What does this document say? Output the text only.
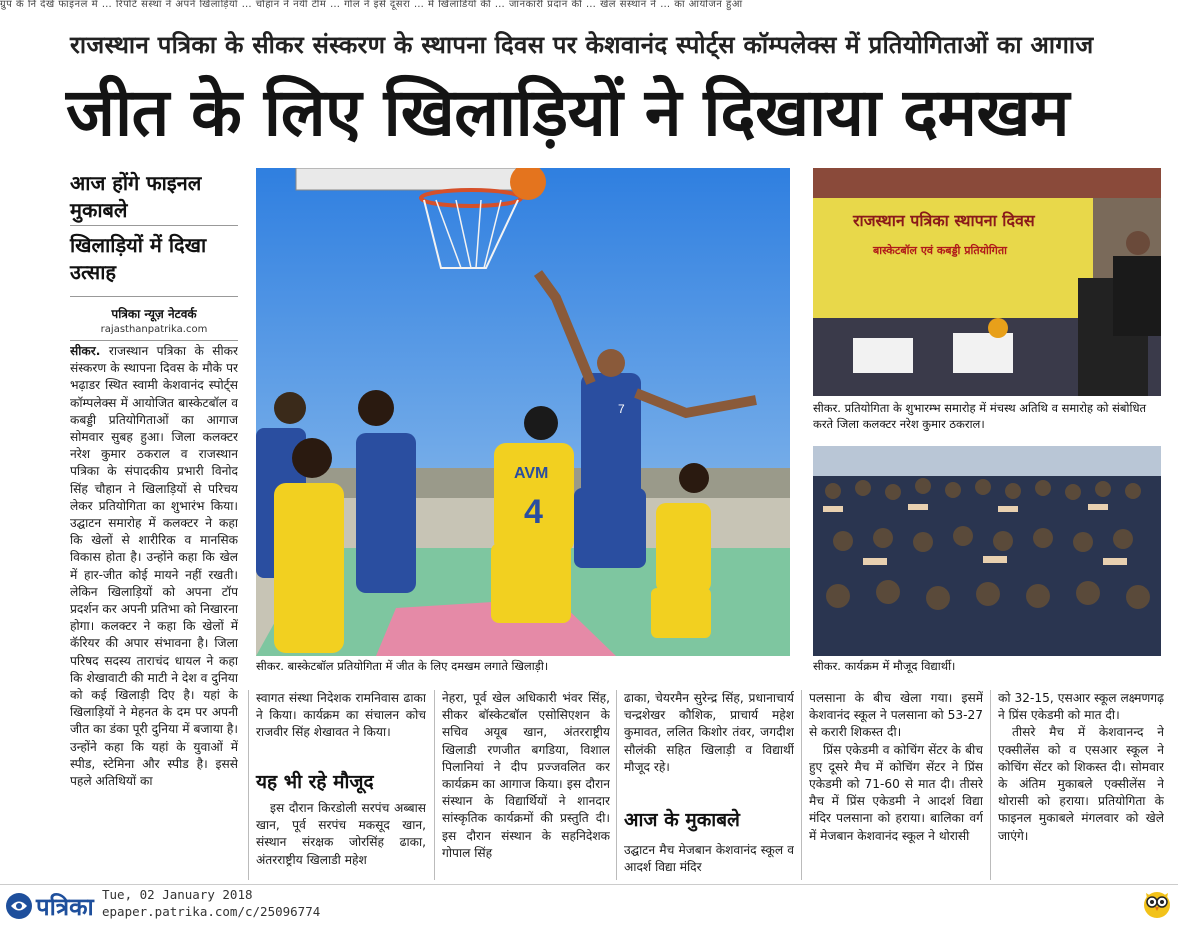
ग्रुप के नि देखे फाइनल में … रिपोर्ट संस्था ने अपने खिलाड़ियों … चौहान ने नयी टीम … गोल ने इसे दूसरा … में खिलाडियो की … जानकारी प्रदान की … खेल संस्थान ने … का आयोजन हुआ
राजस्थान पत्रिका के सीकर संस्करण के स्थापना दिवस पर केशवानंद स्पोर्ट्स कॉम्पलेक्स में प्रतियोगिताओं का आगाज
जीत के लिए खिलाड़ियों ने दिखाया दमखम
आज होंगे फाइनल मुकाबले
खिलाड़ियों में दिखा उत्साह
पत्रिका न्यूज़ नेटवर्क
rajasthanpatrika.com

सीकर. राजस्थान पत्रिका के सीकर संस्करण के स्थापना दिवस के मौके पर भढ़ाडर स्थित स्वामी केशवानंद स्पोर्ट्स कॉम्पलेक्स में आयोजित बास्केटबॉल व कबड्डी प्रतियोगिताओं का आगाज सोमवार सुबह हुआ। जिला कलक्टर नरेश कुमार ठकराल व राजस्थान पत्रिका के संपादकीय प्रभारी विनोद सिंह चौहान ने खिलाड़ियों से परिचय लेकर प्रतियोगिता का शुभारंभ किया। उद्घाटन समारोह में कलक्टर ने कहा कि खेलों से शारीरिक व मानसिक विकास होता है। उन्होंने कहा कि खेल में हार-जीत कोई मायने नहीं रखती। लेकिन खिलाड़ियों को अपना टॉप प्रदर्शन कर अपनी प्रतिभा को निखारना होगा। कलक्टर ने कहा कि खेलों में कॅरियर की अपार संभावना है। जिला परिषद सदस्य ताराचंद धायल ने कहा कि शेखावाटी की माटी ने देश व दुनिया को कई खिलाड़ी दिए है। यहां के खिलाड़ियों ने मेहनत के दम पर अपनी जीत का डंका पूरी दुनिया में बजाया है। उन्होंने कहा कि यहां के युवाओं में स्पीड, स्टेमिना और स्पीड है। इससे पहले अतिथियों का

7
AVM
4
सीकर. बास्केटबॉल प्रतियोगिता में जीत के लिए दमखम लगाते खिलाड़ी।
राजस्थान पत्रिका स्थापना दिवस
बास्केटबॉल एवं कबड्डी प्रतियोगिता
सीकर. प्रतियोगिता के शुभारम्भ समारोह में मंचस्थ अतिथि व समारोह को संबोधित करते जिला कलक्टर नरेश कुमार ठकराल।
सीकर. कार्यक्रम में मौजूद विद्यार्थी।

स्वागत संस्था निदेशक रामनिवास ढाका ने किया। कार्यक्रम का संचालन कोच राजवीर सिंह शेखावत ने किया।

यह भी रहे मौजूद

इस दौरान किरडोली सरपंच अब्बास खान, पूर्व सरपंच मकसूद खान, संस्थान संरक्षक जोरसिंह ढाका, अंतरराष्ट्रीय खिलाडी महेश

नेहरा, पूर्व खेल अधिकारी भंवर सिंह, सीकर बॉस्केटबॉल एसोसिएशन के सचिव अयूब खान, अंतरराष्ट्रीय खिलाडी रणजीत बगडिया, विशाल पिलानियां ने दीप प्रज्जवलित कर कार्यक्रम का आगाज किया। इस दौरान संस्थान के विद्यार्थियों ने शानदार सांस्कृतिक कार्यक्रमों की प्रस्तुति दी। इस दौरान संस्थान के सहनिदेशक गोपाल सिंह

ढाका, चेयरमैन सुरेन्द्र सिंह, प्रधानाचार्य चन्द्रशेखर कौशिक, प्राचार्य महेश कुमावत, ललित किशोर तंवर, जगदीश सौलंकी सहित खिलाड़ी व विद्यार्थी मौजूद रहे।

आज के मुकाबले

उद्घाटन मैच मेजबान केशवानंद स्कूल व आदर्श विद्या मंदिर

पलसाना के बीच खेला गया। इसमें केशवानंद स्कूल ने पलसाना को 53-27 से करारी शिकस्त दी।

प्रिंस एकेडमी व कोचिंग सेंटर के बीच हुए दूसरे मैच में कोचिंग सेंटर ने प्रिंस एकेडमी को 71-60 से मात दी। तीसरे मैच में प्रिंस एकेडमी ने आदर्श विद्या मंदिर पलसाना को हराया। बालिका वर्ग में मेजबान केशवानंद स्कूल ने थोरासी

को 32-15, एसआर स्कूल लक्ष्मणगढ़ ने प्रिंस एकेडमी को मात दी।

तीसरे मैच में केशवानन्द ने एक्सीलेंस को व एसआर स्कूल ने कोचिंग सेंटर को शिकस्त दी। सोमवार के अंतिम मुकाबले एक्सीलेंस ने थोरासी को हराया। प्रतियोगिता के फाइनल मुकाबले मंगलवार को खेले जाएंगे।

पत्रिका Tue, 02 January 2018
epaper.patrika.com/c/25096774
